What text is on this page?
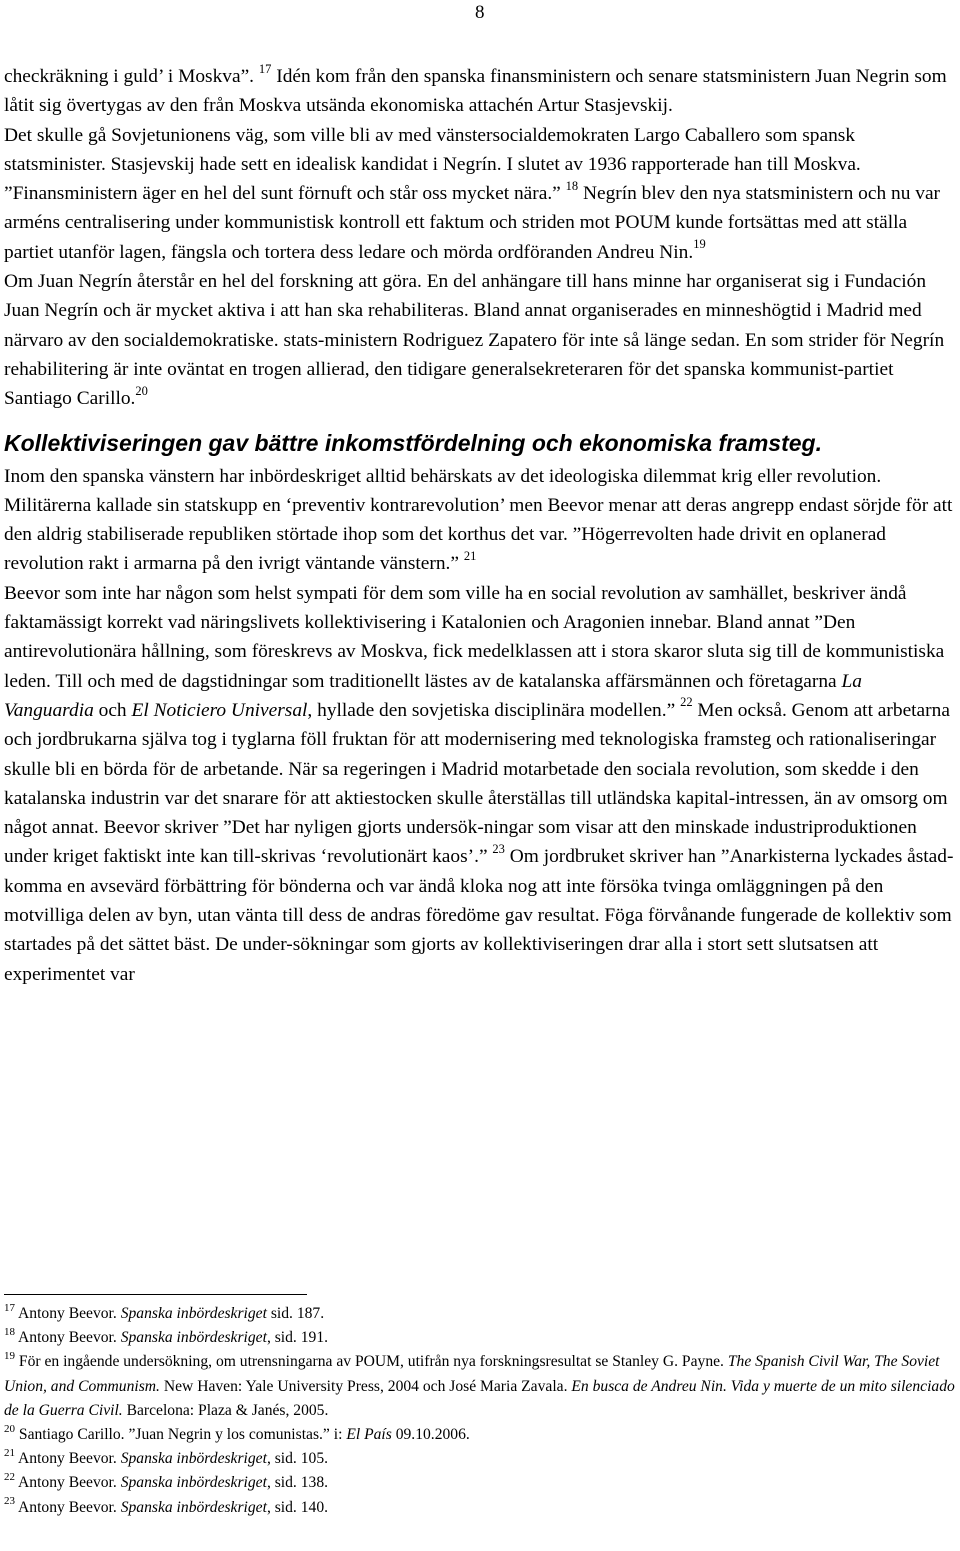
8

checkräkning i guld’ i Moskva”. $^{17}$ Idén kom från den spanska finansministern och senare statsministern Juan Negrin som låtit sig övertygas av den från Moskva utsända ekonomiska attachén Artur Stasjevskij.

Det skulle gå Sovjetunionens väg, som ville bli av med vänstersocialdemokraten Largo Caballero som spansk statsminister. Stasjevskij hade sett en idealisk kandidat i Negrín. I slutet av 1936 rapporterade han till Moskva. ”Finansministern äger en hel del sunt förnuft och står oss mycket nära.” $^{18}$ Negrín blev den nya statsministern och nu var arméns centralisering under kommunistisk kontroll ett faktum och striden mot POUM kunde fortsättas med att ställa partiet utanför lagen, fängsla och tortera dess ledare och mörda ordföranden Andreu Nin.$^{19}$

Om Juan Negrín återstår en hel del forskning att göra. En del anhängare till hans minne har organiserat sig i Fundación Juan Negrín och är mycket aktiva i att han ska rehabiliteras. Bland annat organiserades en minneshögtid i Madrid med närvaro av den socialdemokratiske. stats-ministern Rodriguez Zapatero för inte så länge sedan. En som strider för Negrín rehabilitering är inte oväntat en trogen allierad, den tidigare generalsekreteraren för det spanska kommunist-partiet Santiago Carillo.$^{20}$

Kollektiviseringen gav bättre inkomstfördelning och ekonomiska framsteg.

Inom den spanska vänstern har inbördeskriget alltid behärskats av det ideologiska dilemmat krig eller revolution. Militärerna kallade sin statskupp en ‘preventiv kontrarevolution’ men Beevor menar att deras angrepp endast sörjde för att den aldrig stabiliserade republiken störtade ihop som det korthus det var. ”Högerrevolten hade drivit en oplanerad revolution rakt i armarna på den ivrigt väntande vänstern.” $^{21}$

Beevor som inte har någon som helst sympati för dem som ville ha en social revolution av samhället, beskriver ändå faktamässigt korrekt vad näringslivets kollektivisering i Katalonien och Aragonien innebar. Bland annat ”Den antirevolutionära hållning, som föreskrevs av Moskva, fick medelklassen att i stora skaror sluta sig till de kommunistiska leden. Till och med de dagstidningar som traditionellt lästes av de katalanska affärsmännen och företagarna La Vanguardia och El Noticiero Universal, hyllade den sovjetiska disciplinära modellen.” $^{22}$ Men också. Genom att arbetarna och jordbrukarna själva tog i tyglarna föll fruktan för att modernisering med teknologiska framsteg och rationaliseringar skulle bli en börda för de arbetande. När sa regeringen i Madrid motarbetade den sociala revolution, som skedde i den katalanska industrin var det snarare för att aktiestocken skulle återställas till utländska kapital-intressen, än av omsorg om något annat. Beevor skriver ”Det har nyligen gjorts undersök-ningar som visar att den minskade industriproduktionen under kriget faktiskt inte kan till-skrivas ‘revolutionärt kaos’.” $^{23}$ Om jordbruket skriver han ”Anarkisterna lyckades åstad-komma en avsevärd förbättring för bönderna och var ändå kloka nog att inte försöka tvinga omläggningen på den motvilliga delen av byn, utan vänta till dess de andras föredöme gav resultat. Föga förvånande fungerade de kollektiv som startades på det sättet bäst. De under-sökningar som gjorts av kollektiviseringen drar alla i stort sett slutsatsen att experimentet var

$^{17}$ Antony Beevor. Spanska inbördeskriget sid. 187.

$^{18}$ Antony Beevor. Spanska inbördeskriget, sid. 191.

$^{19}$ För en ingående undersökning, om utrensningarna av POUM, utifrån nya forskningsresultat se Stanley G. Payne. The Spanish Civil War, The Soviet Union, and Communism. New Haven: Yale University Press, 2004 och José Maria Zavala. En busca de Andreu Nin. Vida y muerte de un mito silenciado de la Guerra Civil. Barcelona: Plaza & Janés, 2005.

$^{20}$ Santiago Carillo. ”Juan Negrin y los comunistas.” i: El País 09.10.2006.

$^{21}$ Antony Beevor. Spanska inbördeskriget, sid. 105.

$^{22}$ Antony Beevor. Spanska inbördeskriget, sid. 138.

$^{23}$ Antony Beevor. Spanska inbördeskriget, sid. 140.
